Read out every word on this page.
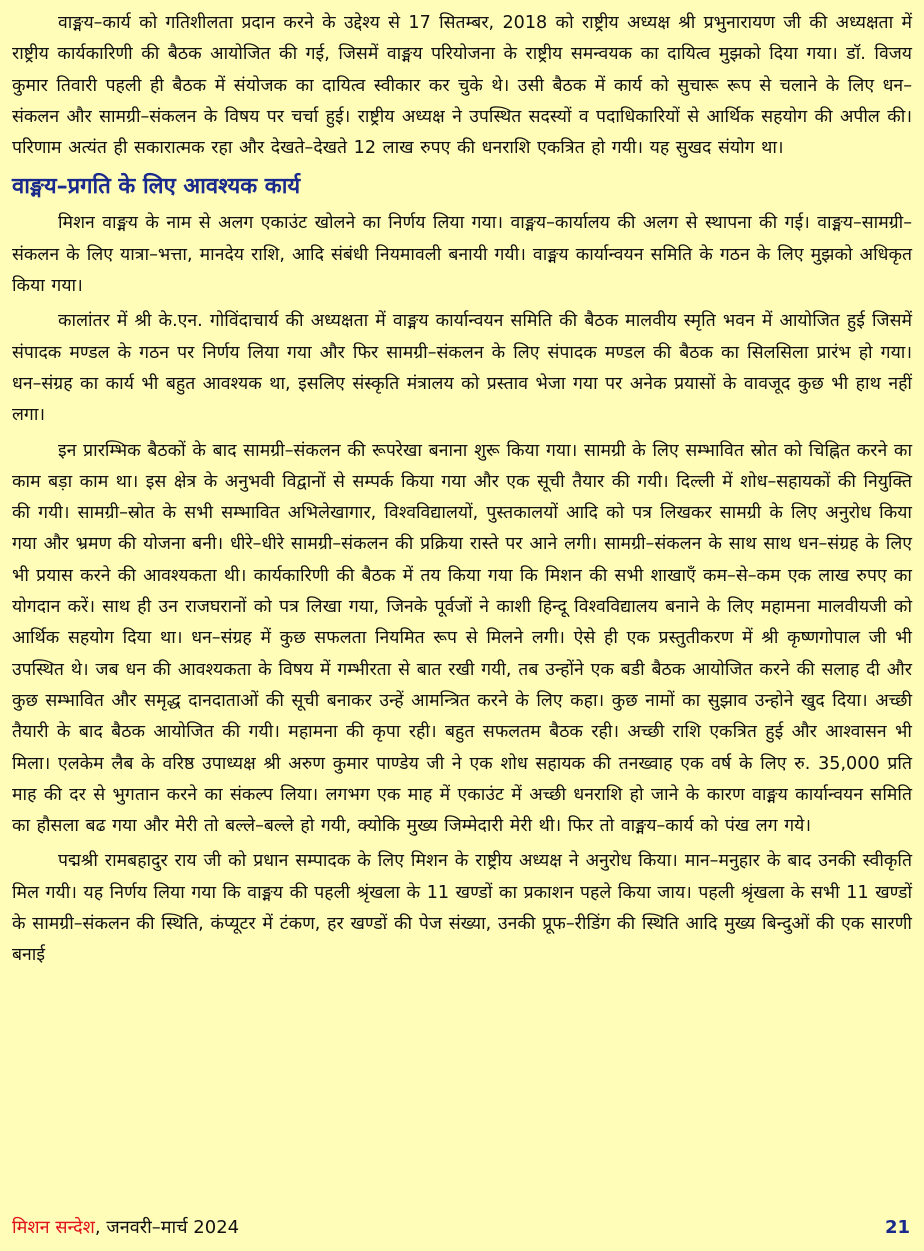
वाङ्मय–कार्य को गतिशीलता प्रदान करने के उद्देश्य से 17 सितम्बर, 2018 को राष्ट्रीय अध्यक्ष श्री प्रभुनारायण जी की अध्यक्षता में राष्ट्रीय कार्यकारिणी की बैठक आयोजित की गई, जिसमें वाङ्मय परियोजना के राष्ट्रीय समन्वयक का दायित्व मुझको दिया गया। डॉ. विजय कुमार तिवारी पहली ही बैठक में संयोजक का दायित्व स्वीकार कर चुके थे। उसी बैठक में कार्य को सुचारू रूप से चलाने के लिए धन–संकलन और सामग्री–संकलन के विषय पर चर्चा हुई। राष्ट्रीय अध्यक्ष ने उपस्थित सदस्यों व पदाधिकारियों से आर्थिक सहयोग की अपील की। परिणाम अत्यंत ही सकारात्मक रहा और देखते–देखते 12 लाख रुपए की धनराशि एकत्रित हो गयी। यह सुखद संयोग था।

वाङ्मय–प्रगति के लिए आवश्यक कार्य

मिशन वाङ्मय के नाम से अलग एकाउंट खोलने का निर्णय लिया गया। वाङ्मय–कार्यालय की अलग से स्थापना की गई। वाङ्मय–सामग्री–संकलन के लिए यात्रा–भत्ता, मानदेय राशि, आदि संबंधी नियमावली बनायी गयी। वाङ्मय कार्यान्वयन समिति के गठन के लिए मुझको अधिकृत किया गया।

कालांतर में श्री के.एन. गोविंदाचार्य की अध्यक्षता में वाङ्मय कार्यान्वयन समिति की बैठक मालवीय स्मृति भवन में आयोजित हुई जिसमें संपादक मण्डल के गठन पर निर्णय लिया गया और फिर सामग्री–संकलन के लिए संपादक मण्डल की बैठक का सिलसिला प्रारंभ हो गया। धन–संग्रह का कार्य भी बहुत आवश्यक था, इसलिए संस्कृति मंत्रालय को प्रस्ताव भेजा गया पर अनेक प्रयासों के वावजूद कुछ भी हाथ नहीं लगा।

इन प्रारम्भिक बैठकों के बाद सामग्री–संकलन की रूपरेखा बनाना शुरू किया गया। सामग्री के लिए सम्भावित स्रोत को चिह्नित करने का काम बड़ा काम था। इस क्षेत्र के अनुभवी विद्वानों से सम्पर्क किया गया और एक सूची तैयार की गयी। दिल्ली में शोध–सहायकों की नियुक्ति की गयी। सामग्री–स्रोत के सभी सम्भावित अभिलेखागार, विश्वविद्यालयों, पुस्तकालयों आदि को पत्र लिखकर सामग्री के लिए अनुरोध किया गया और भ्रमण की योजना बनी। धीरे–धीरे सामग्री–संकलन की प्रक्रिया रास्ते पर आने लगी। सामग्री–संकलन के साथ साथ धन–संग्रह के लिए भी प्रयास करने की आवश्यकता थी। कार्यकारिणी की बैठक में तय किया गया कि मिशन की सभी शाखाएँ कम–से–कम एक लाख रुपए का योगदान करें। साथ ही उन राजघरानों को पत्र लिखा गया, जिनके पूर्वजों ने काशी हिन्दू विश्वविद्यालय बनाने के लिए महामना मालवीयजी को आर्थिक सहयोग दिया था। धन–संग्रह में कुछ सफलता नियमित रूप से मिलने लगी। ऐसे ही एक प्रस्तुतीकरण में श्री कृष्णगोपाल जी भी उपस्थित थे। जब धन की आवश्यकता के विषय में गम्भीरता से बात रखी गयी, तब उन्होंने एक बडी बैठक आयोजित करने की सलाह दी और कुछ सम्भावित और समृद्ध दानदाताओं की सूची बनाकर उन्हें आमन्त्रित करने के लिए कहा। कुछ नामों का सुझाव उन्होने खुद दिया। अच्छी तैयारी के बाद बैठक आयोजित की गयी। महामना की कृपा रही। बहुत सफलतम बैठक रही। अच्छी राशि एकत्रित हुई और आश्वासन भी मिला। एलकेम लैब के वरिष्ठ उपाध्यक्ष श्री अरुण कुमार पाण्डेय जी ने एक शोध सहायक की तनख्वाह एक वर्ष के लिए रु. 35,000 प्रति माह की दर से भुगतान करने का संकल्प लिया। लगभग एक माह में एकाउंट में अच्छी धनराशि हो जाने के कारण वाङ्मय कार्यान्वयन समिति का हौसला बढ गया और मेरी तो बल्ले–बल्ले हो गयी, क्योकि मुख्य जिम्मेदारी मेरी थी। फिर तो वाङ्मय–कार्य को पंख लग गये।

पद्मश्री रामबहादुर राय जी को प्रधान सम्पादक के लिए मिशन के राष्ट्रीय अध्यक्ष ने अनुरोध किया। मान–मनुहार के बाद उनकी स्वीकृति मिल गयी। यह निर्णय लिया गया कि वाङ्मय की पहली श्रृंखला के 11 खण्डों का प्रकाशन पहले किया जाय। पहली श्रृंखला के सभी 11 खण्डों के सामग्री–संकलन की स्थिति, कंप्यूटर में टंकण, हर खण्डों की पेज संख्या, उनकी प्रूफ–रीडिंग की स्थिति आदि मुख्य बिन्दुओं की एक सारणी बनाई

मिशन सन्देश, जनवरी–मार्च 2024	21
